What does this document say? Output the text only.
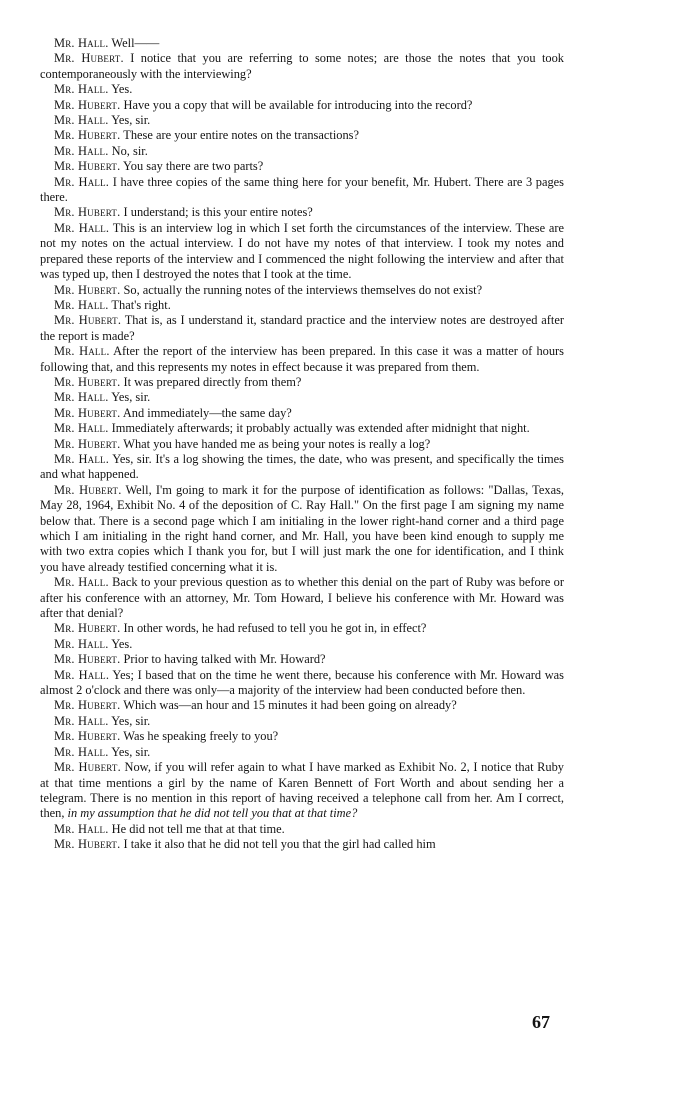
Mr. Hall. Well——

Mr. Hubert. I notice that you are referring to some notes; are those the notes that you took contemporaneously with the interviewing?

Mr. Hall. Yes.

Mr. Hubert. Have you a copy that will be available for introducing into the record?

Mr. Hall. Yes, sir.

Mr. Hubert. These are your entire notes on the transactions?

Mr. Hall. No, sir.

Mr. Hubert. You say there are two parts?

Mr. Hall. I have three copies of the same thing here for your benefit, Mr. Hubert. There are 3 pages there.

Mr. Hubert. I understand; is this your entire notes?

Mr. Hall. This is an interview log in which I set forth the circumstances of the interview. These are not my notes on the actual interview. I do not have my notes of that interview. I took my notes and prepared these reports of the interview and I commenced the night following the interview and after that was typed up, then I destroyed the notes that I took at the time.

Mr. Hubert. So, actually the running notes of the interviews themselves do not exist?

Mr. Hall. That's right.

Mr. Hubert. That is, as I understand it, standard practice and the interview notes are destroyed after the report is made?

Mr. Hall. After the report of the interview has been prepared. In this case it was a matter of hours following that, and this represents my notes in effect because it was prepared from them.

Mr. Hubert. It was prepared directly from them?

Mr. Hall. Yes, sir.

Mr. Hubert. And immediately—the same day?

Mr. Hall. Immediately afterwards; it probably actually was extended after midnight that night.

Mr. Hubert. What you have handed me as being your notes is really a log?

Mr. Hall. Yes, sir. It's a log showing the times, the date, who was present, and specifically the times and what happened.

Mr. Hubert. Well, I'm going to mark it for the purpose of identification as follows: "Dallas, Texas, May 28, 1964, Exhibit No. 4 of the deposition of C. Ray Hall." On the first page I am signing my name below that. There is a second page which I am initialing in the lower right-hand corner and a third page which I am initialing in the right hand corner, and Mr. Hall, you have been kind enough to supply me with two extra copies which I thank you for, but I will just mark the one for identification, and I think you have already testified concerning what it is.

Mr. Hall. Back to your previous question as to whether this denial on the part of Ruby was before or after his conference with an attorney, Mr. Tom Howard, I believe his conference with Mr. Howard was after that denial?

Mr. Hubert. In other words, he had refused to tell you he got in, in effect?

Mr. Hall. Yes.

Mr. Hubert. Prior to having talked with Mr. Howard?

Mr. Hall. Yes; I based that on the time he went there, because his conference with Mr. Howard was almost 2 o'clock and there was only—a majority of the interview had been conducted before then.

Mr. Hubert. Which was—an hour and 15 minutes it had been going on already?

Mr. Hall. Yes, sir.

Mr. Hubert. Was he speaking freely to you?

Mr. Hall. Yes, sir.

Mr. Hubert. Now, if you will refer again to what I have marked as Exhibit No. 2, I notice that Ruby at that time mentions a girl by the name of Karen Bennett of Fort Worth and about sending her a telegram. There is no mention in this report of having received a telephone call from her. Am I correct, then, in my assumption that he did not tell you that at that time?

Mr. Hall. He did not tell me that at that time.

Mr. Hubert. I take it also that he did not tell you that the girl had called him

67
